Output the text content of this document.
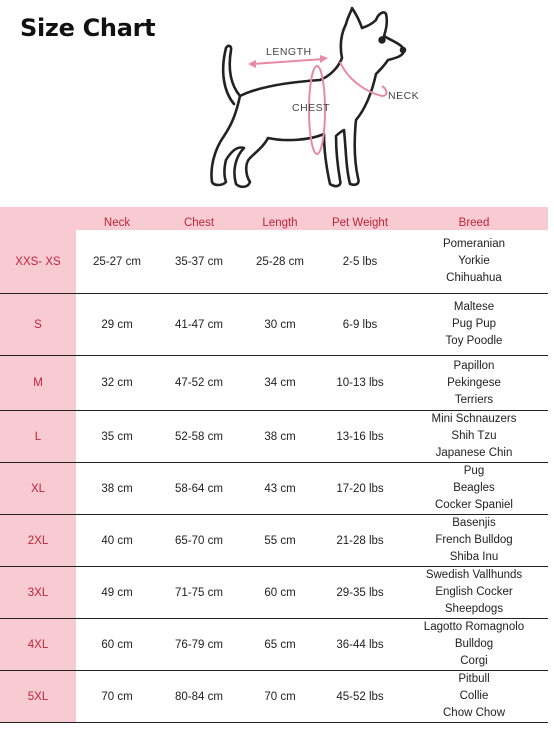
Size Chart
LENGTH
CHEST
NECK
	Neck	Chest	Length	Pet Weight	Breed
XXS- XS	25-27 cm	35-37 cm	25-28 cm	2-5 lbs	Pomeranian
Yorkie
Chihuahua

S	29 cm	41-47 cm	30 cm	6-9 lbs	Maltese
Pug Pup
Toy Poodle

M	32 cm	47-52 cm	34 cm	10-13 lbs	Papillon
Pekingese
Terriers

L	35 cm	52-58 cm	38 cm	13-16 lbs	Mini Schnauzers
Shih Tzu
Japanese Chin

XL	38 cm	58-64 cm	43 cm	17-20 lbs	Pug
Beagles
Cocker Spaniel

2XL	40 cm	65-70 cm	55 cm	21-28 lbs	Basenjis
French Bulldog
Shiba Inu

3XL	49 cm	71-75 cm	60 cm	29-35 lbs	Swedish Vallhunds
English Cocker
Sheepdogs

4XL	60 cm	76-79 cm	65 cm	36-44 lbs	Lagotto Romagnolo
Bulldog
Corgi

5XL	70 cm	80-84 cm	70 cm	45-52 lbs	Pitbull
Collie
Chow Chow
